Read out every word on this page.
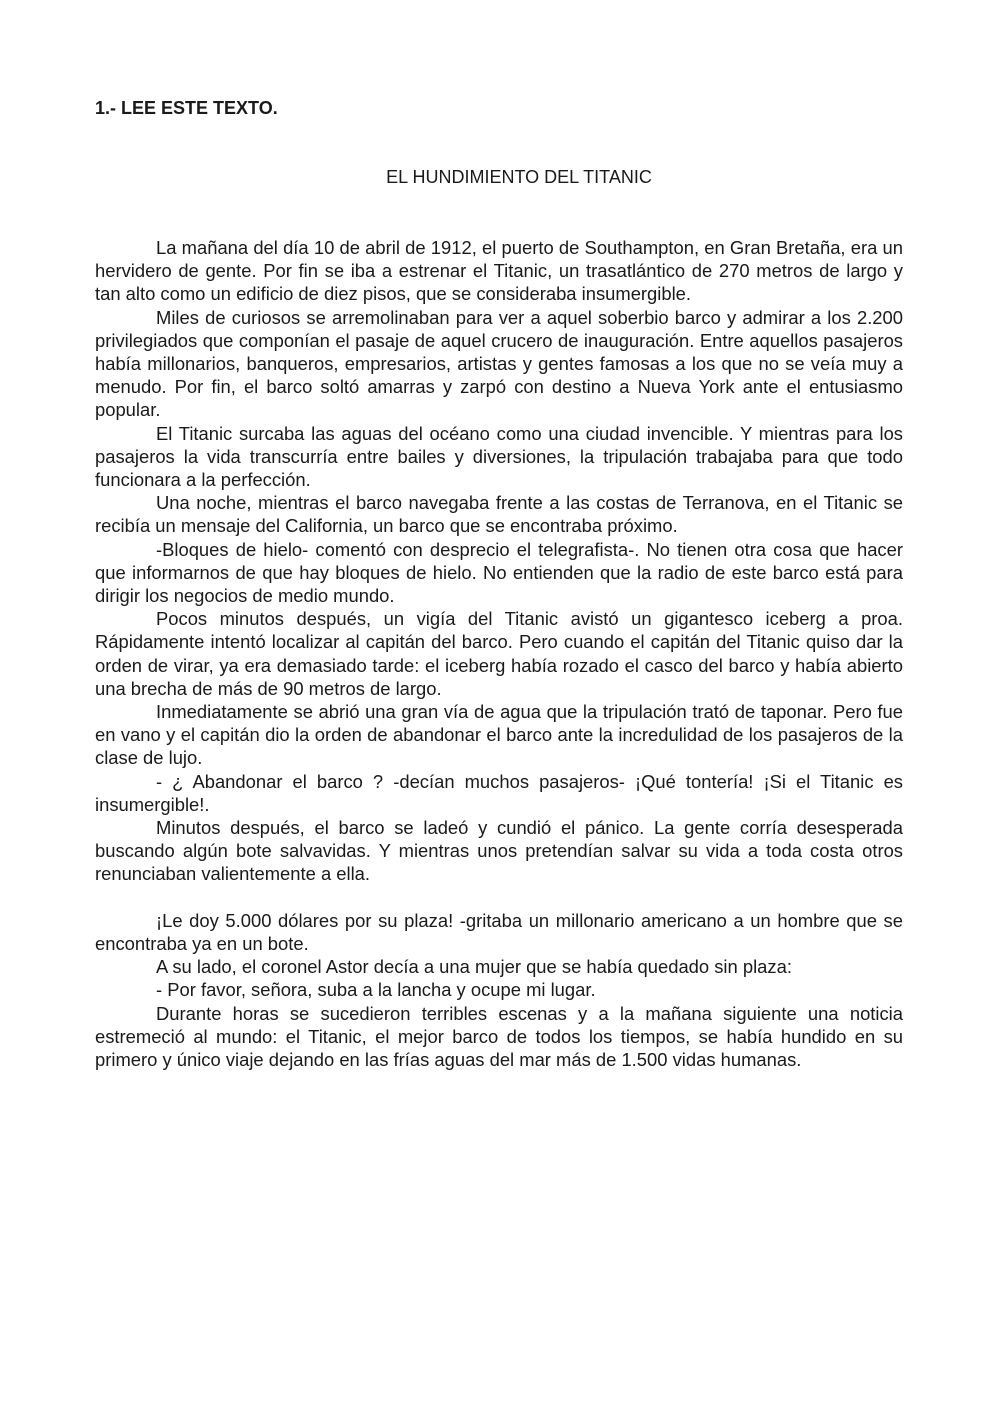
1.- LEE ESTE TEXTO.
EL HUNDIMIENTO DEL TITANIC

La mañana del día 10 de abril de 1912, el puerto de Southampton, en Gran Bretaña, era un hervidero de gente. Por fin se iba a estrenar el Titanic, un trasatlántico de 270 metros de largo y tan alto como un edificio de diez pisos, que se consideraba insumergible.

Miles de curiosos se arremolinaban para ver a aquel soberbio barco y admirar a los 2.200 privilegiados que componían el pasaje de aquel crucero de inauguración. Entre aquellos pasajeros había millonarios, banqueros, empresarios, artistas y gentes famosas a los que no se veía muy a menudo. Por fin, el barco soltó amarras y zarpó con destino a Nueva York ante el entusiasmo popular.

El Titanic surcaba las aguas del océano como una ciudad invencible. Y mientras para los pasajeros la vida transcurría entre bailes y diversiones, la tripulación trabajaba para que todo funcionara a la perfección.

Una noche, mientras el barco navegaba frente a las costas de Terranova, en el Titanic se recibía un mensaje del California, un barco que se encontraba próximo.

-Bloques de hielo- comentó con desprecio el telegrafista-. No tienen otra cosa que hacer que informarnos de que hay bloques de hielo. No entienden que la radio de este barco está para dirigir los negocios de medio mundo.

Pocos minutos después, un vigía del Titanic avistó un gigantesco iceberg a proa. Rápidamente intentó localizar al capitán del barco. Pero cuando el capitán del Titanic quiso dar la orden de virar, ya era demasiado tarde: el iceberg había rozado el casco del barco y había abierto una brecha de más de 90 metros de largo.

Inmediatamente se abrió una gran vía de agua que la tripulación trató de taponar. Pero fue en vano y el capitán dio la orden de abandonar el barco ante la incredulidad de los pasajeros de la clase de lujo.

- ¿ Abandonar el barco ? -decían muchos pasajeros- ¡Qué tontería! ¡Si el Titanic es insumergible!.

Minutos después, el barco se ladeó y cundió el pánico. La gente corría desesperada buscando algún bote salvavidas. Y mientras unos pretendían salvar su vida a toda costa otros renunciaban valientemente a ella.

¡Le doy 5.000 dólares por su plaza! -gritaba un millonario americano a un hombre que se encontraba ya en un bote.

A su lado, el coronel Astor decía a una mujer que se había quedado sin plaza:

- Por favor, señora, suba a la lancha y ocupe mi lugar.

Durante horas se sucedieron terribles escenas y a la mañana siguiente una noticia estremeció al mundo: el Titanic, el mejor barco de todos los tiempos, se había hundido en su primero y único viaje dejando en las frías aguas del mar más de 1.500 vidas humanas.
